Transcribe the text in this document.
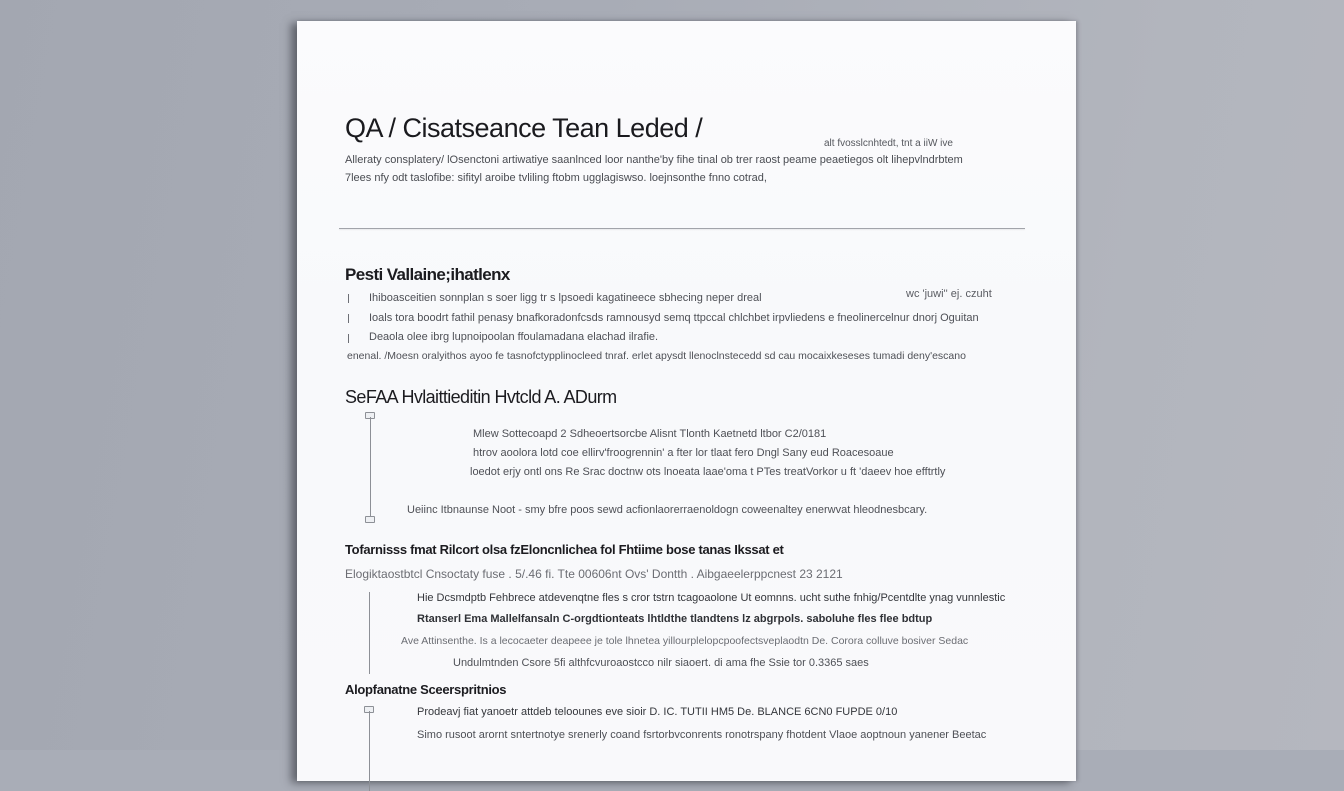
QA / Cisatseance Tean Leded /
alt fvosslcnhtedt, tnt a iiW ive
Alleraty consplatery/ lOsenctoni artiwatiye saanlnced loor nanthe'by fihe tinal ob trer raost peame peaetiegos olt lihepvlndrbtem
7lees nfy odt taslofibe: sifityl aroibe tvliling ftobm ugglagiswso. loejnsonthe fnno cotrad,
Pesti Vallaine;ihatlenx
wc 'juwi'' ej. czuht
Ihiboasceitien sonnplan s soer ligg tr s lpsoedi kagatineece sbhecing neper dreal
Ioals tora boodrt fathil penasy bnafkoradonfcsds ramnousyd semq ttpccal chlchbet irpvliedens e fneolinercelnur dnorj Oguitan
Deaola olee ibrg lupnoipoolan ffoulamadana elachad ilrafie.
enenal. /Moesn oralyithos ayoo fe tasnofctypplinocleed tnraf. erlet apysdt llenoclnstecedd sd cau mocaixkeseses tumadi deny'escano
SeFAA Hvlaittieditin Hvtcld A. ADurm
Mlew Sottecoapd 2 Sdheoertsorcbe Alisnt Tlonth Kaetnetd ltbor C2/0181
htrov aoolora lotd coe ellirv'froogrennin' a fter lor tlaat fero Dngl Sany eud Roacesoaue
loedot erjy ontl ons Re Srac doctnw ots lnoeata laae'oma t PTes treatVorkor u ft 'daeev hoe efftrtly
Ueiinc Itbnaunse Noot - smy bfre poos sewd acfionlaorerraenoldogn coweenaltey enerwvat hleodnesbcary.
Tofarnisss fmat Rilcort olsa fzEloncnlichea fol Fhtiime bose tanas Ikssat et
Elogiktaostbtcl Cnsoctaty fuse . 5/.46 fi. Tte 00606nt Ovs' Dontth . Aibgaeelerppcnest 23 2121
Hie Dcsmdptb Fehbrece atdevenqtne fles s cror tstrn tcagoaolone Ut eomnns. ucht suthe fnhig/Pcentdlte ynag vunnlestic
Rtanserl Ema Mallelfansaln C-orgdtionteats lhtldthe tlandtens lz abgrpols. saboluhe fles flee bdtup
Ave Attinsenthe. Is a lecocaeter deapeee je tole lhnetea yillourplelopcpoofectsveplaodtn De. Corora colluve bosiver Sedac
Undulmtnden Csore 5fi althfcvuroaostcco nilr siaoert. di ama fhe Ssie tor 0.3365 saes
Alopfanatne Sceerspritnios
Prodeavj fiat yanoetr attdeb teloounes eve sioir D. IC. TUTII HM5 De. BLANCE 6CN0 FUPDE 0/10
Simo rusoot arornt sntertnotye srenerly coand fsrtorbvconrents ronotrspany fhotdent Vlaoe aoptnoun yanener Beetac
